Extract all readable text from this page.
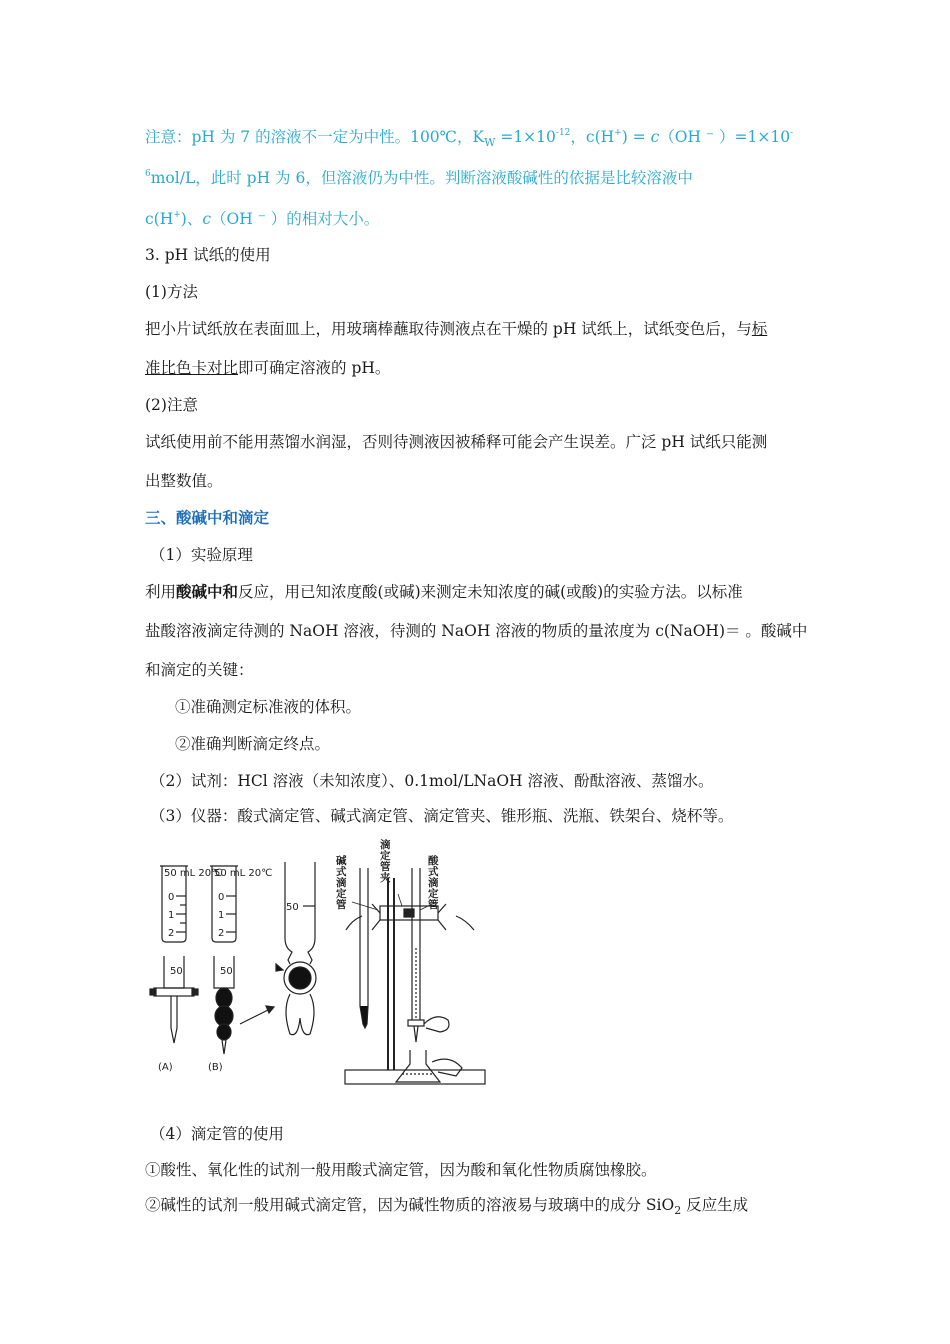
注意：pH 为 7 的溶液不一定为中性。100℃，$K_W =1\times 10^{-12}$，c(H+) = c（OH ⁻ ）=1×10-
$^6$mol/L，此时 pH 为 6，但溶液仍为中性。判断溶液酸碱性的依据是比较溶液中
c(H+)、c（OH ⁻ ）的相对大小。
3. pH 试纸的使用
(1)方法
把小片试纸放在表面皿上，用玻璃棒蘸取待测液点在干燥的 pH 试纸上，试纸变色后，与标
准比色卡对比即可确定溶液的 pH。
(2)注意
试纸使用前不能用蒸馏水润湿，否则待测液因被稀释可能会产生误差。广泛 pH 试纸只能测
出整数值。
三、酸碱中和滴定
（1）实验原理
利用酸碱中和反应，用已知浓度酸(或碱)来测定未知浓度的碱(或酸)的实验方法。以标准
盐酸溶液滴定待测的 NaOH 溶液，待测的 NaOH 溶液的物质的量浓度为 c(NaOH)＝ 。酸碱中
和滴定的关键：
①准确测定标准液的体积。
②准确判断滴定终点。
（2）试剂：HCl 溶液（未知浓度）、0.1mol/LNaOH 溶液、酚酞溶液、蒸馏水。
（3）仪器：酸式滴定管、碱式滴定管、滴定管夹、锥形瓶、洗瓶、铁架台、烧杯等。
50 mL 20℃
0
1
2
50
(A)
50 mL 20℃
0
1
2
50
(B)
50
碱式滴定管
滴定管夹
酸式滴定管
（4）滴定管的使用
①酸性、氧化性的试剂一般用酸式滴定管，因为酸和氧化性物质腐蚀橡胶。
②碱性的试剂一般用碱式滴定管，因为碱性物质的溶液易与玻璃中的成分 SiO$_2$ 反应生成
